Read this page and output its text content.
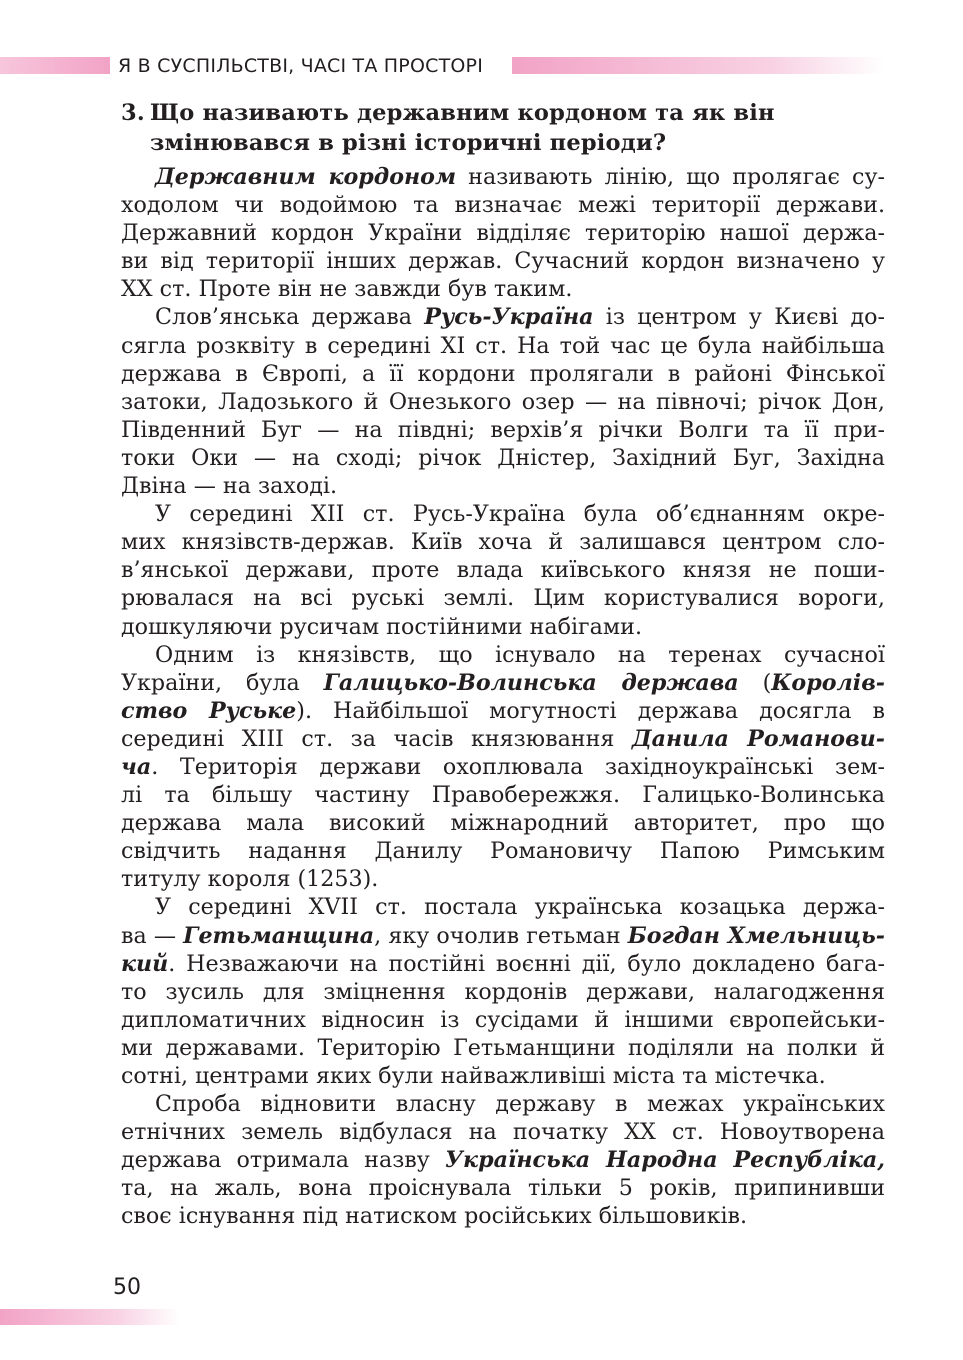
Я В СУСПІЛЬСТВІ, ЧАСІ ТА ПРОСТОРІ
3. Що називають державним кордоном та як він
змінювався в різні історичні періоди?
Державним кордоном називають лінію, що пролягає су-
ходолом чи водоймою та визначає межі території держави.
Державний кордон України відділяє територію нашої держа-
ви від території інших держав. Сучасний кордон визначено у
XX ст. Проте він не завжди був таким.
Слов’янська держава Русь-Україна із центром у Києві до-
сягла розквіту в середині XI ст. На той час це була найбільша
держава в Європі, а її кордони пролягали в районі Фінської
затоки, Ладозького й Онезького озер — на півночі; річок Дон,
Південний Буг — на півдні; верхів’я річки Волги та її при-
токи Оки — на сході; річок Дністер, Західний Буг, Західна
Двіна — на заході.
У середині XII ст. Русь-Україна була об’єднанням окре-
мих князівств-держав. Київ хоча й залишався центром сло-
в’янської держави, проте влада київського князя не поши-
рювалася на всі руські землі. Цим користувалися вороги,
дошкуляючи русичам постійними набігами.
Одним із князівств, що існувало на теренах сучасної
України, була Галицько-Волинська держава (Королів-
ство Руське). Найбільшої могутності держава досягла в
середині XIII ст. за часів князювання Данила Романови-
ча. Територія держави охоплювала західноукраїнські зем-
лі та більшу частину Правобережжя. Галицько-Волинська
держава мала високий міжнародний авторитет, про що
свідчить надання Данилу Романовичу Папою Римським
титулу короля (1253).
У середині XVII ст. постала українська козацька держа-
ва — Гетьманщина, яку очолив гетьман Богдан Хмельниць-
кий. Незважаючи на постійні воєнні дії, було докладено бага-
то зусиль для зміцнення кордонів держави, налагодження
дипломатичних відносин із сусідами й іншими європейськи-
ми державами. Територію Гетьманщини поділяли на полки й
сотні, центрами яких були найважливіші міста та містечка.
Спроба відновити власну державу в межах українських
етнічних земель відбулася на початку XX ст. Новоутворена
держава отримала назву Українська Народна Республіка,
та, на жаль, вона проіснувала тільки 5 років, припинивши
своє існування під натиском російських більшовиків.
50
